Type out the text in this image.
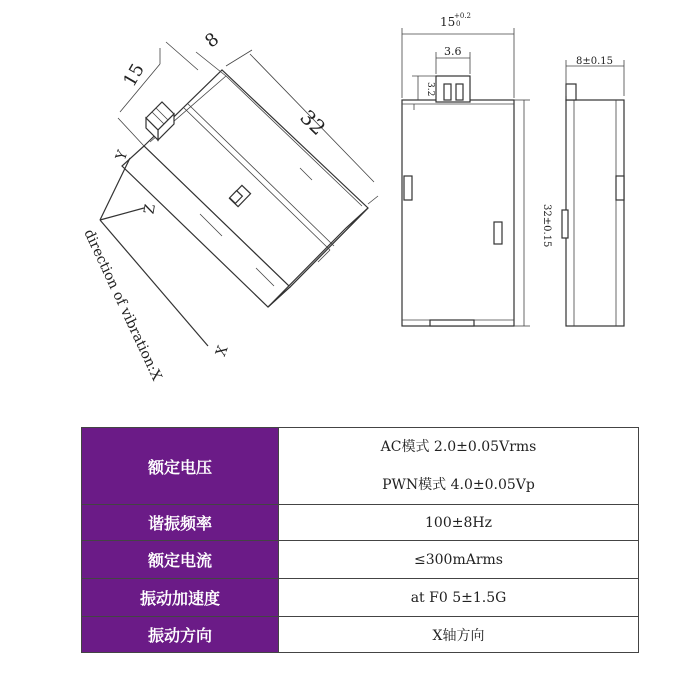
15
8
32
Y
Z
X
direction of vibration:X
15
+0.2
0
3.6
3.2
32±0.15
8±0.15
额定电压	AC模式 2.0±0.05Vrms
PWN模式 4.0±0.05Vp

谐振频率	100±8Hz
额定电流	≤300mArms
振动加速度	at F0 5±1.5G
振动方向	X轴方向
